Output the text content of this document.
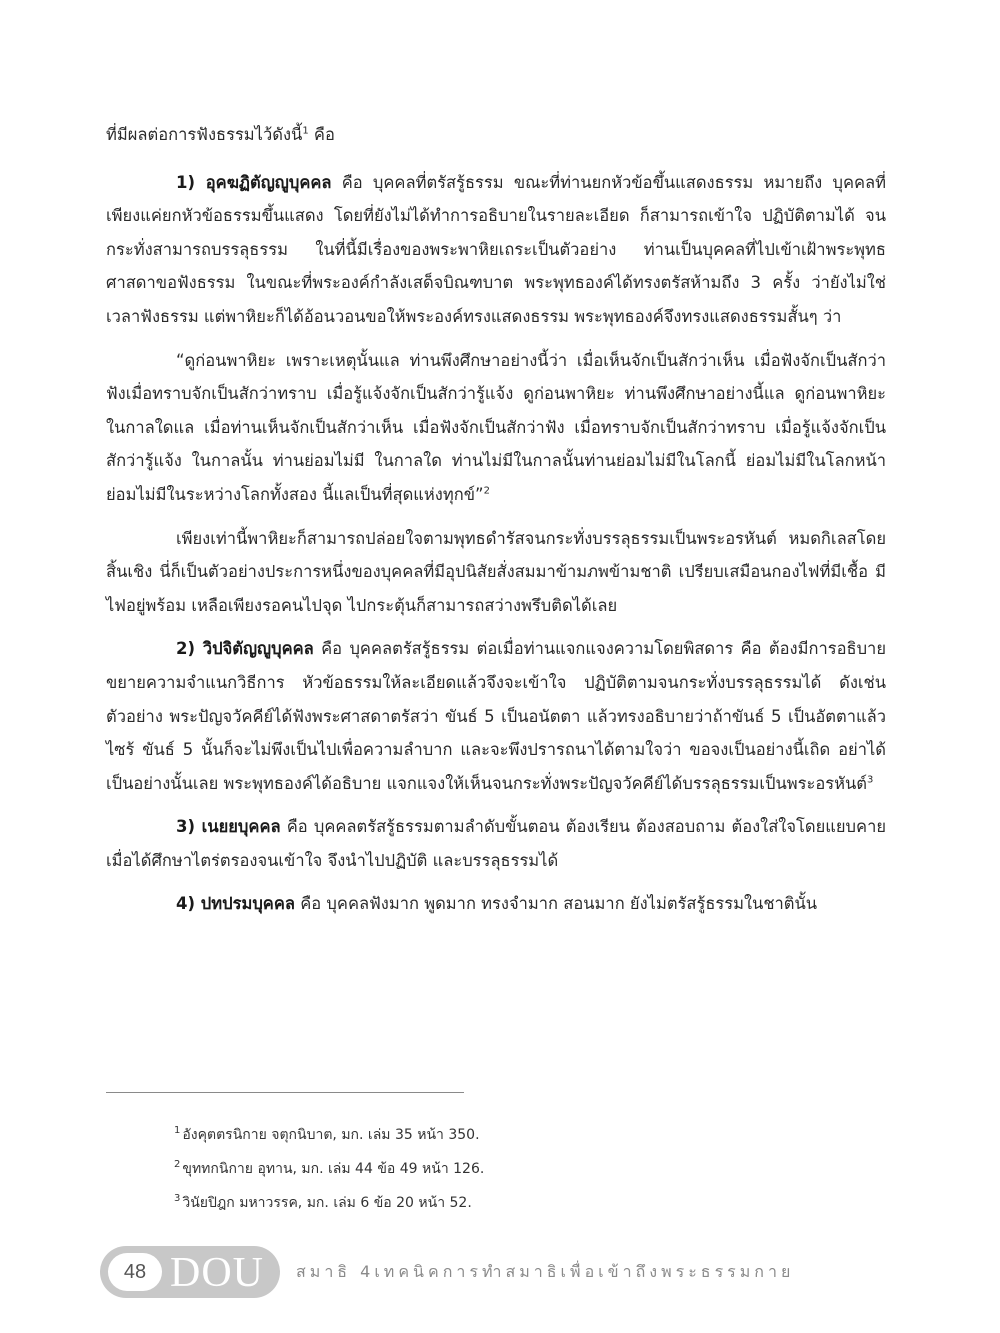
ที่มีผลต่อการฟังธรรมไว้ดังนี้$^1$ คือ

1) อุคฆฏิตัญญูบุคคล คือ บุคคลที่ตรัสรู้ธรรม ขณะที่ท่านยกหัวข้อขึ้นแสดงธรรม หมายถึง บุคคลที่เพียงแค่ยกหัวข้อธรรมขึ้นแสดง โดยที่ยังไม่ได้ทำการอธิบายในรายละเอียด ก็สามารถเข้าใจ ปฏิบัติตามได้ จนกระทั่งสามารถบรรลุธรรม ในที่นี้มีเรื่องของพระพาหิยเถระเป็นตัวอย่าง ท่านเป็นบุคคลที่ไปเข้าเฝ้าพระพุทธศาสดาขอฟังธรรม ในขณะที่พระองค์กำลังเสด็จบิณฑบาต พระพุทธองค์ได้ทรงตรัสห้ามถึง 3 ครั้ง ว่ายังไม่ใช่เวลาฟังธรรม แต่พาหิยะก็ได้อ้อนวอนขอให้พระองค์ทรงแสดงธรรม พระพุทธองค์จึงทรงแสดงธรรมสั้นๆ ว่า

“ดูก่อนพาหิยะ เพราะเหตุนั้นแล ท่านพึงศึกษาอย่างนี้ว่า เมื่อเห็นจักเป็นสักว่าเห็น เมื่อฟังจักเป็นสักว่าฟังเมื่อทราบจักเป็นสักว่าทราบ เมื่อรู้แจ้งจักเป็นสักว่ารู้แจ้ง ดูก่อนพาหิยะ ท่านพึงศึกษาอย่างนี้แล ดูก่อนพาหิยะ ในกาลใดแล เมื่อท่านเห็นจักเป็นสักว่าเห็น เมื่อฟังจักเป็นสักว่าฟัง เมื่อทราบจักเป็นสักว่าทราบ เมื่อรู้แจ้งจักเป็นสักว่ารู้แจ้ง ในกาลนั้น ท่านย่อมไม่มี ในกาลใด ท่านไม่มีในกาลนั้นท่านย่อมไม่มีในโลกนี้ ย่อมไม่มีในโลกหน้า ย่อมไม่มีในระหว่างโลกทั้งสอง นี้แลเป็นที่สุดแห่งทุกข์”$^2$

เพียงเท่านี้พาหิยะก็สามารถปล่อยใจตามพุทธดำรัสจนกระทั่งบรรลุธรรมเป็นพระอรหันต์ หมดกิเลสโดยสิ้นเชิง นี่ก็เป็นตัวอย่างประการหนึ่งของบุคคลที่มีอุปนิสัยสั่งสมมาข้ามภพข้ามชาติ เปรียบเสมือนกองไฟที่มีเชื้อ มีไฟอยู่พร้อม เหลือเพียงรอคนไปจุด ไปกระตุ้นก็สามารถสว่างพรึบติดได้เลย

2) วิปจิตัญญูบุคคล คือ บุคคลตรัสรู้ธรรม ต่อเมื่อท่านแจกแจงความโดยพิสดาร คือ ต้องมีการอธิบายขยายความจำแนกวิธีการ หัวข้อธรรมให้ละเอียดแล้วจึงจะเข้าใจ ปฏิบัติตามจนกระทั่งบรรลุธรรมได้ ดังเช่นตัวอย่าง พระปัญจวัคคีย์ได้ฟังพระศาสดาตรัสว่า ขันธ์ 5 เป็นอนัตตา แล้วทรงอธิบายว่าถ้าขันธ์ 5 เป็นอัตตาแล้วไซร้ ขันธ์ 5 นั้นก็จะไม่พึงเป็นไปเพื่อความลำบาก และจะพึงปรารถนาได้ตามใจว่า ขอจงเป็นอย่างนี้เถิด อย่าได้เป็นอย่างนั้นเลย พระพุทธองค์ได้อธิบาย แจกแจงให้เห็นจนกระทั่งพระปัญจวัคคีย์ได้บรรลุธรรมเป็นพระอรหันต์$^3$

3) เนยยบุคคล คือ บุคคลตรัสรู้ธรรมตามลำดับขั้นตอน ต้องเรียน ต้องสอบถาม ต้องใส่ใจโดยแยบคาย เมื่อได้ศึกษาไตร่ตรองจนเข้าใจ จึงนำไปปฏิบัติ และบรรลุธรรมได้

4) ปทปรมบุคคล คือ บุคคลฟังมาก พูดมาก ทรงจำมาก สอนมาก ยังไม่ตรัสรู้ธรรมในชาตินั้น

$^1$ อังคุตตรนิกาย จตุกนิบาต, มก. เล่ม 35 หน้า 350.
$^2$ ขุททกนิกาย อุทาน, มก. เล่ม 44 ข้อ 49 หน้า 126.
$^3$ วินัยปิฎก มหาวรรค, มก. เล่ม 6 ข้อ 20 หน้า 52.
48 DOU สมาธิ 4เทคนิคการทำสมาธิเพื่อเข้าถึงพระธรรมกาย
